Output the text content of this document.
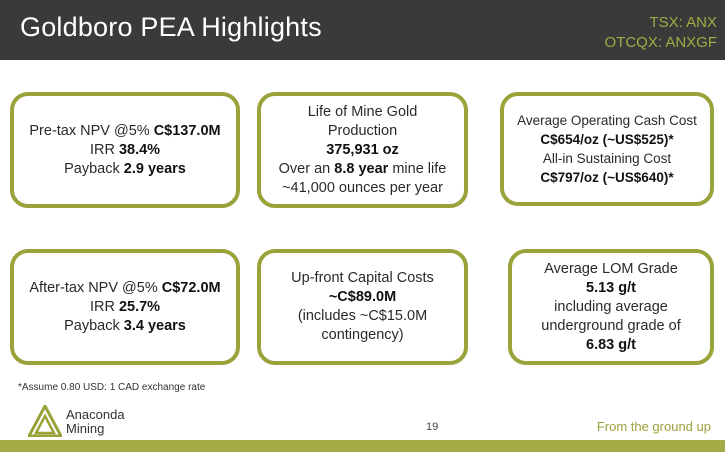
Goldboro PEA Highlights	TSX: ANX
OTCQX: ANXGF
Pre-tax NPV @5% C$137.0M
IRR 38.4%
Payback 2.9 years
Life of Mine Gold
Production
375,931 oz
Over an 8.8 year mine life
~41,000 ounces per year
Average Operating Cash Cost
C$654/oz (~US$525)*
All-in Sustaining Cost
C$797/oz (~US$640)*
After-tax NPV @5% C$72.0M
IRR 25.7%
Payback 3.4 years
Up-front Capital Costs
~C$89.0M
(includes ~C$15.0M
contingency)
Average LOM Grade
5.13 g/t
including average
underground grade of
6.83 g/t
*Assume 0.80 USD: 1 CAD exchange rate
Anaconda
Mining	19	From the ground up
